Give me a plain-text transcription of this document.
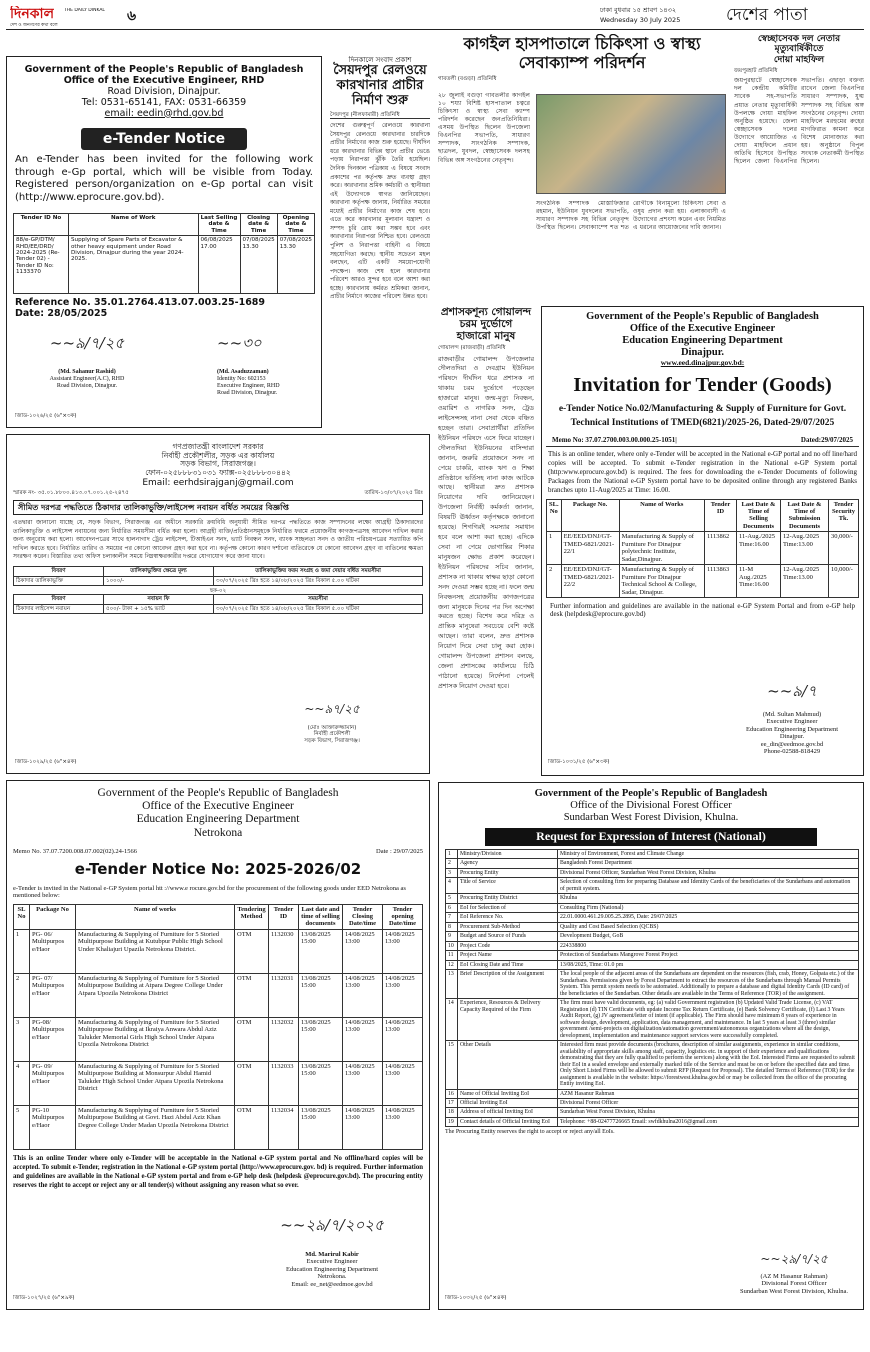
দিনকাল THE DAILY DINKAL
দেশ ও জনগণের কথা বলে
৬	ঢাকা বুধবার ১৫ শ্রাবণ ১৪৩২
Wednesday 30 July 2025	দেশের পাতা
Government of the People's Republic of Bangladesh
Office of the Executive Engineer, RHD
Road Division, Dinajpur.
Tel: 0531-65141, FAX: 0531-66359
email: eedin@rhd.gov.bd
e-Tender Notice
An e-Tender has been invited for the following work through e-Gp portal, which will be visible from Today. Registered person/organization on e-Gp portal can visit (http://www.eprocure.gov.bd).
Tender ID No	Name of Work	Last Selling date & Time	Closing date & Time	Opening date & Time
88/e-GP/DTM/ RHD/EE/DRD/ 2024-2025 (Re-Tender 02) - Tender ID No: 1133370	Supplying of Spare Parts of Excavator & other heavy equipment under Road Division, Dinajpur during the year 2024-2025.	06/08/2025 17.00	07/08/2025 13.30	07/08/2025 13.30
Reference No. 35.01.2764.413.07.003.25-1689
Date: 28/05/2025
~~৯/৭/২৫
(Md. Sahanur Rashid)
Assistant Engineer(A.C), RHD
Road Division, Dinajpur.
~~৩০
(Md. Asaduzzaman)
Identity No: 602153
Executive Engineer, RHD
Road Division, Dinajpur.
জিডি-১০২৬/২৫ (৬"×৩ক)
দিনকালে সংবাদ প্রকাশ
সৈয়দপুর রেলওয়ে কারখানার প্রাচীর নির্মাণ শুরু
সৈয়দপুর (নীলফামারী) প্রতিনিধি
দেশের গুরুত্বপূর্ণ রেলওয়ে কারখানা সৈয়দপুর রেলওয়ে কারখানার চারদিকে প্রাচীর নির্মাণের কাজ শুরু হয়েছে। দীর্ঘদিন ধরে কারখানার বিভিন্ন স্থানে প্রাচীর ভেঙে পড়ায় নিরাপত্তা ঝুঁকি তৈরি হয়েছিল। দৈনিক দিনকাল পত্রিকায় এ বিষয়ে সংবাদ প্রকাশের পর কর্তৃপক্ষ দ্রুত ব্যবস্থা গ্রহণ করে। কারখানার শ্রমিক কর্মচারী ও স্থানীয়রা এই উদ্যোগকে স্বাগত জানিয়েছেন। কারখানা কর্তৃপক্ষ জানায়, নির্ধারিত সময়ের মধ্যেই প্রাচীর নির্মাণের কাজ শেষ হবে। এতে করে কারখানার মূল্যবান যন্ত্রাংশ ও সম্পদ চুরি রোধ করা সম্ভব হবে এবং কারখানার নিরাপত্তা নিশ্চিত হবে। রেলওয়ে পুলিশ ও নিরাপত্তা বাহিনী এ বিষয়ে সহযোগিতা করছে। স্থানীয় সচেতন মহল বলছেন, এটি একটি সময়োপযোগী পদক্ষেপ। কাজ শেষ হলে কারখানার পরিবেশ আরও সুন্দর হবে বলে আশা করা হচ্ছে। কারখানায় কর্মরত শ্রমিকরা জানান, প্রাচীর নির্মাণে কাজের পরিবেশ উন্নত হবে।
কাগইল হাসপাতালে চিকিৎসা ও স্বাস্থ্য সেবাক্যাম্প পরিদর্শন
গাবতলী (বগুড়া) প্রতিনিধি
২৮ জুলাই বগুড়া গাবতলীর কাগইল ১০ শয্যা বিশিষ্ট হাসপাতাল চত্বরে চিকিৎসা ও স্বাস্থ্য সেবা ক্যাম্প পরিদর্শন করেছেন জনপ্রতিনিধিরা। এসময় উপস্থিত ছিলেন উপজেলা বিএনপির সভাপতি, সাধারণ সম্পাদক, সাংগঠনিক সম্পাদক, ছাত্রদল, যুবদল, স্বেচ্ছাসেবক দলসহ বিভিন্ন অঙ্গ সংগঠনের নেতৃবৃন্দ।
সংগঠনিক সম্পাদক মোস্তাফিজার রহমান, ইউনিয়ন যুবদলের সভাপতি, সাধারণ সম্পাদক সহ বিভিন্ন নেতৃবৃন্দ উপস্থিত ছিলেন। সেবাক্যাম্পে শত শত রোগীকে বিনামূল্যে চিকিৎসা সেবা ও ওষুধ প্রদান করা হয়। এলাকাবাসী এ উদ্যোগের প্রশংসা করেন এবং নিয়মিত এ ধরনের আয়োজনের দাবি জানান।
স্বেচ্ছাসেবক দল নেতার
মৃত্যুবার্ষিকীতে
দোয়া মাহফিল
জয়পুরহাট প্রতিনিধি
জয়পুরহাটে স্বেচ্ছাসেবক দল কেন্দ্রীয় কমিটির সাবেক সহ-সভাপতি প্রয়াত নেতার মৃত্যুবার্ষিকী উপলক্ষে দোয়া মাহফিল অনুষ্ঠিত হয়েছে। জেলা স্বেচ্ছাসেবক দলের উদ্যোগে আয়োজিত এ দোয়া মাহফিলে প্রধান অতিথি হিসেবে উপস্থিত ছিলেন জেলা বিএনপির সভাপতি। এছাড়া বক্তব্য রাখেন জেলা বিএনপির সাধারণ সম্পাদক, যুগ্ম সম্পাদক সহ বিভিন্ন অঙ্গ সংগঠনের নেতৃবৃন্দ। দোয়া মাহফিলে মরহুমের রুহের মাগফিরাত কামনা করে বিশেষ মোনাজাত করা হয়। অনুষ্ঠানে বিপুল সংখ্যক নেতাকর্মী উপস্থিত ছিলেন।
প্রশাসকশূন্য গোয়ালন্দ
চরম দুর্ভোগে
হাজারো মানুষ
গোয়ালন্দ (রাজবাড়ী) প্রতিনিধি
রাজবাড়ীর গোয়ালন্দ উপজেলার দৌলতদিয়া ও দেবগ্রাম ইউনিয়ন পরিষদে দীর্ঘদিন ধরে প্রশাসক না থাকায় চরম দুর্ভোগে পড়েছেন হাজারো মানুষ। জন্ম-মৃত্যু নিবন্ধন, ওয়ারিশ ও নাগরিক সনদ, ট্রেড লাইসেন্সসহ নানা সেবা থেকে বঞ্চিত হচ্ছেন তারা। সেবাপ্রার্থীরা প্রতিদিন ইউনিয়ন পরিষদে এসে ফিরে যাচ্ছেন। দৌলতদিয়া ইউনিয়নের বাসিন্দারা জানান, জরুরি প্রয়োজনে সনদ না পেয়ে চাকরি, ব্যাংক ঋণ ও শিক্ষা প্রতিষ্ঠানে ভর্তিসহ নানা কাজ আটকে আছে। স্থানীয়রা দ্রুত প্রশাসক নিয়োগের দাবি জানিয়েছেন। উপজেলা নির্বাহী কর্মকর্তা জানান, বিষয়টি ঊর্ধ্বতন কর্তৃপক্ষকে জানানো হয়েছে। শিগগিরই সমস্যার সমাধান হবে বলে আশা করা হচ্ছে। এদিকে সেবা না পেয়ে ভোগান্তির শিকার মানুষজন ক্ষোভ প্রকাশ করেছেন। ইউনিয়ন পরিষদের সচিব জানান, প্রশাসক না থাকায় স্বাক্ষর ছাড়া কোনো সনদ দেওয়া সম্ভব হচ্ছে না। ফলে জন্ম নিবন্ধনসহ প্রয়োজনীয় কাগজপত্রের জন্য মানুষকে দিনের পর দিন অপেক্ষা করতে হচ্ছে। বিশেষ করে দরিদ্র ও প্রান্তিক মানুষেরা সবচেয়ে বেশি কষ্টে আছেন। তারা বলেন, দ্রুত প্রশাসক নিয়োগ দিয়ে সেবা চালু করা হোক। গোয়ালন্দ উপজেলা প্রশাসন বলছে, জেলা প্রশাসকের কার্যালয়ে চিঠি পাঠানো হয়েছে। নির্দেশনা পেলেই প্রশাসক নিয়োগ দেওয়া হবে।
গণপ্রজাতন্ত্রী বাংলাদেশ সরকার
নির্বাহী প্রকৌশলীর, সড়ক এর কার্যালয়
সড়ক বিভাগ, সিরাজগঞ্জ।
ফোন-০২৫৮৮৮৩১০৩১ ফ্যাক্স-০২৫৮৮৮৩০৪৪২
Email: eerhdsirajganj@gmail.com
স্মারক নং- ৩৫.০১.৮৮০০.৪১৩.০৭.০০১.২৫-২৪৭৫	তারিখ-১৩/০৭/২০২৫ খ্রিঃ
সীমিত দরপত্র পদ্ধতিতে ঠিকাদার তালিকাভুক্তি/লাইসেন্স নবায়ন বর্ধিত সময়ের বিজ্ঞপ্তি
এতদ্বারা জানানো যাচ্ছে যে, সড়ক বিভাগ, সিরাজগঞ্জ এর অধীনে সরকারি ক্রয়বিধি অনুযায়ী সীমিত দরপত্র পদ্ধতিতে কাজ সম্পাদনের লক্ষ্যে আগ্রহী ঠিকাদারদের তালিকাভুক্তি ও লাইসেন্স নবায়নের জন্য নির্ধারিত সময়সীমা বর্ধিত করা হলো। আগ্রহী ব্যক্তি/প্রতিষ্ঠানসমূহকে নির্ধারিত ফরমে প্রয়োজনীয় কাগজপত্রসহ আবেদন দাখিল করার জন্য অনুরোধ করা হলো। আবেদনপত্রের সাথে হালনাগাদ ট্রেড লাইসেন্স, টিআইএন সনদ, ভ্যাট নিবন্ধন সনদ, ব্যাংক সচ্ছলতা সনদ ও জাতীয় পরিচয়পত্রের সত্যায়িত কপি দাখিল করতে হবে। নির্ধারিত তারিখ ও সময়ের পর কোনো আবেদন গ্রহণ করা হবে না। কর্তৃপক্ষ কোনো কারণ দর্শানো ব্যতিরেকে যে কোনো আবেদন গ্রহণ বা বাতিলের ক্ষমতা সংরক্ষণ করেন। বিস্তারিত তথ্য অফিস চলাকালীন সময়ে নিম্নস্বাক্ষরকারীর দপ্তরে যোগাযোগ করে জানা যাবে।
বিবরণ	তালিকাভুক্তির ক্ষেত্রে মূল্য	তালিকাভুক্তির ফরম সংগ্রহ ও জমা দেয়ার বর্ধিত সময়সীমা
ঠিকাদার তালিকাভুক্তি	১০০০/-	৩০/০৭/২০২৫ খ্রিঃ হতে ১৪/০৮/২০২৫ খ্রিঃ বিকাল ৫.০০ ঘটিকা
ছক-০২
বিবরণ	নবায়ন ফি	সময়সীমা
ঠিকাদার লাইসেন্স নবায়ন	৫০০/- টাকা + ১৫% ভ্যাট	৩০/০৭/২০২৫ খ্রিঃ হতে ১৪/০৮/২০২৫ খ্রিঃ বিকাল ৫.০০ ঘটিকা
~~৯৭/২৫
(মোঃ আক্তারুজ্জামান)
নির্বাহী প্রকৌশলী
সড়ক বিভাগ, সিরাজগঞ্জ।
জিডি-১০২৯/২৫ (৬"×৪ক)
Government of the People's Republic of Bangladesh
Office of the Executive Engineer
Education Engineering Department
Dinajpur.
www.eed.dinajpur.gov.bd:
Invitation for Tender (Goods)
e-Tender Notice No.02/Manufacturing & Supply of Furniture for Govt. Technical Institutions of TMED(6821)/2025-26, Dated-29/07/2025
Memo No: 37.07.2700.003.00.000.25-1051|	Dated:29/07/2025
This is an online tender, where only e-Tender will be accepted in the National e-GP portal and no off line/hard copies will be accepted. To submit e-Tender registration in the National e-GP System portal (http:www.eprocure.gov.bd) is required. The fees for downloading the e-Tender Documents of following Packages from the National e-GP System portal have to be deposited online through any registered Banks branches upto 11-Aug/2025 at Time: 16.00.
SL. No	Package No.	Name of Works	Tender ID	Last Date & Time of Selling Documents	Last Date & Time of Submission Documents	Tender Security Tk.
1	EE/EED/DNJ/GT-TMED-6821/2021-22/1	Manufacturing & Supply of Furniture For Dinajpur polytechnic Institute, Sadar,Dinajpur.	1113862	11-Aug./2025 Time:16.00	12-Aug./2025 Time:13.00	30,000/-
2	EE/EED/DNJ/GT-TMED-6821/2021-22/2	Manufacturing & Supply of Furniture For Dinajpur Technical School & College, Sadar, Dinajpur.	1113863	11-M Aug./2025 Time:16.00	12-Aug./2025 Time:13.00	10,000/-
Further information and guidelines are available in the national e-GP System Portal and from e-GP help desk (helpdesk@eprocure.gov.bd)
~~৯/৭
(Md. Sultan Mahmud)
Executive Engineer
Education Engineering Department
Dinajpur.
ee_din@eedmoe.gov.bd
Phone-02588-818429
জিডি-১০৩১/২৫ (৬"×৩ক)
Government of the People's Republic of Bangladesh
Office of the Executive Engineer
Education Engineering Department
Netrokona
Memo No. 37.07.7200.008.07.002(02).24-1566	Date : 29/07/2025
e-Tender Notice No: 2025-2026/02
e-Tender is invited in the National e-GP System portal htt ://www.e rocure.gov.bd for the procurement of the following goods under EED Netrokona as mentioned below:
SL No	Package No	Name of works	Tendering Method	Tender ID	Last date and time of selling documents	Tender Closing Date/time	Tender opening Date/time
1	PG- 06/ Multipurpos e/Haor	Manufacturing & Supplying of Furniture for 5 Storied Multipurpose Building at Kutubpur Public High School Under Khaliajuri Upazila Netrokona District.	OTM	1132030	13/08/2025 15:00	14/08/2025 13:00	14/08/2025 13:00
2	PG- 07/ Multipurpos e/Haor	Manufacturing & Supplying of Furniture for 5 Storied Multipurpose Building at Atpara Degree College Under Atpara Upozila Netrokona District	OTM	1132031	13/08/2025 15:00	14/08/2025 13:00	14/08/2025 13:00
3	PG-08/ Multipurpos e/Haor	Manufacturing & Supplying of Furniture for 5 Storied Multipurpose Building at Ikraiya Anwara Abdul Aziz Talukder Memorial Girls High School Under Atpara Upozila Netrokona District	OTM	1132032	13/08/2025 15:00	14/08/2025 13:00	14/08/2025 13:00
4	PG- 09/ Multipurpos e/Haor	Manufacturing & Supplying of Furniture for 5 Storied Multipurpose Building at Monsurpur Abdul Hamid Talukder High School Under Atpara Upozila Netrokona District	OTM	1132033	13/08/2025 15:00	14/08/2025 13:00	14/08/2025 13:00
5	PG-10 Multipurpos e/Haor	Manufacturing & Supplying of Furniture for 5 Storied Multipurpose Building at Govt. Hazi Abdul Aziz Khan Degree College Under Madan Upozila Netrokona District	OTM	1132034	13/08/2025 15:00	14/08/2025 13:00	14/08/2025 13:00
This is an online Tender where only e-Tender will be acceptable in the National e-GP system portal and No offline/hard copies will be accepted. To submit e-Tender, registration in the National e-GP system portal (http://www.eprocure.gov. bd) is required. Further information and guidelines are available in the National e-GP system portal and from e-GP help desk (helpdesk @eprocure.gov.bd). The procuring entity reserves the right to accept or reject any or all tender(s) without assigning any reason what so ever.
~~২৯/৭/২০২৫
Md. Marirul Kabir
Executive Engineer
Education Engineering Department
Netrokona.
Email: ee_net@eedmoe.gov.bd
জিডি-১০২৭/২৫ (৬"×৯ক)
Government of the People's Republic of Bangladesh
Office of the Divisional Forest Officer
Sundarban West Forest Division, Khulna.
Request for Expression of Interest (National)
1	Ministry/Division	Ministry of Environment, Forest and Climate Change
2	Agency	Bangladesh Forest Department
3	Procuring Entity	Divisional Forest Officer, Sundarban West Forest Division, Khulna
4	Title of Service	Selection of consulting firm for preparing Database and Identity Cards of the beneficiaries of the Sundarbans and automation of permit system.
5	Procuring Entity District	Khulna
6	EoI for Selection of	Consulting Firm (National)
7	EoI Reference No.	22.01.0000.461.29.005.25.2895, Date: 29/07/2025
8	Procurement Sub-Method	Quality and Cost Based Selection (QCBS)
9	Budget and Source of Funds	Development Budget, GoB
10	Project Code	224338800
11	Project Name	Protection of Sundarbans Mangrove Forest Project
12	EoI Closing Date and Time	13/08/2025, Time: 01.0 pm
13	Brief Description of the Assignment	The local people of the adjacent areas of the Sundarbans are dependent on the resources (fish, crab, Honey, Golpata etc.) of the Sundarbans. Permissions given by Forest Department to extract the resources of the Sundarbans through Manual Permits System. This permit system needs to be automated. Additionally to prepare a database and digital Identity Cards (ID card) of the beneficiaries of the Sundarban. Other details are available in the Terms of Reference (TOR) of the assignment.
14	Experience, Resources & Delivery Capacity Required of the Firm	The firm must have valid documents, eg: (a) valid Government registration (b) Updated Valid Trade License, (c) VAT Registration (d) TIN Certificate with update Income Tax Return Certificate, (e) Bank Solvency Certificate, (f) Last 3 Years Audit Report, (g) JV agreement/letter of intent (if applicable). The Firm should have minimum 8 years of experience in software design, development, application, data management, and maintenance. In last 5 years at least 3 (three) similar government /semi-projects on digitalization/automation government/autonomous organizations where all the design, development, implementation and maintenance support services were successfully completed.
15	Other Details	Interested firm must provide documents (brochures, description of similar assignments, experience in similar conditions, availability of appropriate skills among staff, capacity, logistics etc. in support of their experience and qualifications demonstrating that they are fully qualified to perform the services) along with the EoI. Interested Firms are requested to submit their EoI in a sealed envelope and externally marked title of the Service and must be on or before the specified date and time. Only Short Listed Firms will be allowed to submit RFP (Request for Proposal). The detailed Terms of Reference (TOR) for the assignment is available in the website: https://forestwest.khulna.gov.bd or may be collected from the office of the procuring Entity inviting EoI.
16	Name of Official Inviting EoI	AZM Hasanur Rahman
17	Official Inviting EoI	Divisional Forest Officer
18	Address of official Inviting EoI	Sundarban West Forest Division, Khulna
19	Contact details of Official Inviting EoI	Telephone: +88-02477726665 Email: swfdkhulna2016@gmail.com
The Procuring Entity reserves the right to accept or reject any/all EoIs.
~~২৯/৭/২৫
(AZ M Hasanur Rahman)
Divisional Forest Officer
Sundarban West Forest Division, Khulna.
জিডি-১০৩২/২৫ (৬"×৪ক)
